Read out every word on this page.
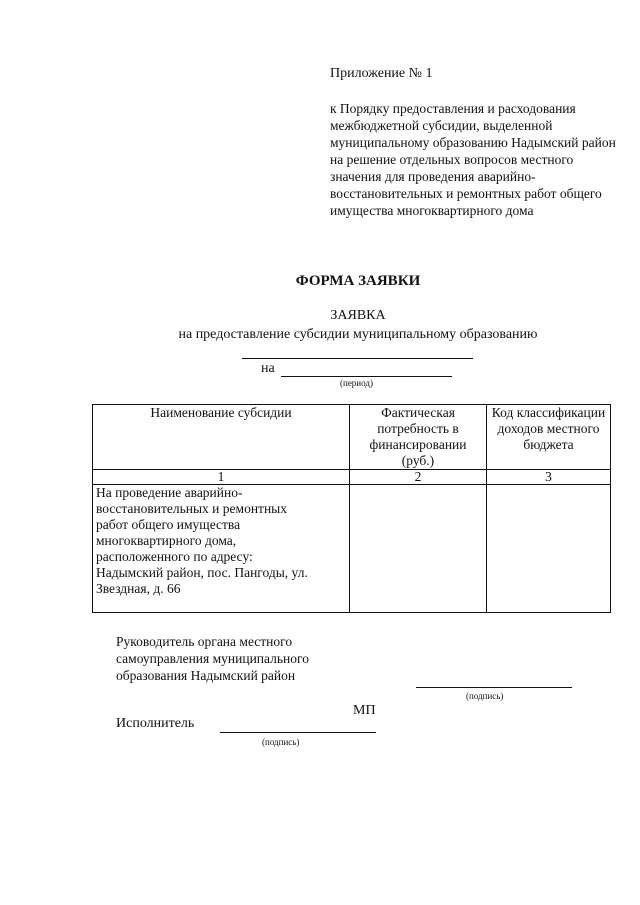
Приложение № 1
к Порядку предоставления и расходования межбюджетной субсидии, выделенной муниципальному образованию Надымский район на решение отдельных вопросов местного значения для проведения аварийно-восстановительных и ремонтных работ общего имущества многоквартирного дома
ФОРМА ЗАЯВКИ
ЗАЯВКА
на предоставление субсидии муниципальному образованию
на
(период)
Наименование субсидии	Фактическая потребность в финансировании (руб.)	Код классификации доходов местного бюджета
1	2	3
На проведение аварийно-восстановительных и ремонтных работ общего имущества многоквартирного дома, расположенного по адресу: Надымский район, пос. Пангоды, ул. Звездная, д. 66		
Руководитель органа местного самоуправления муниципального образования Надымский район
(подпись)
МП
Исполнитель
(подпись)
